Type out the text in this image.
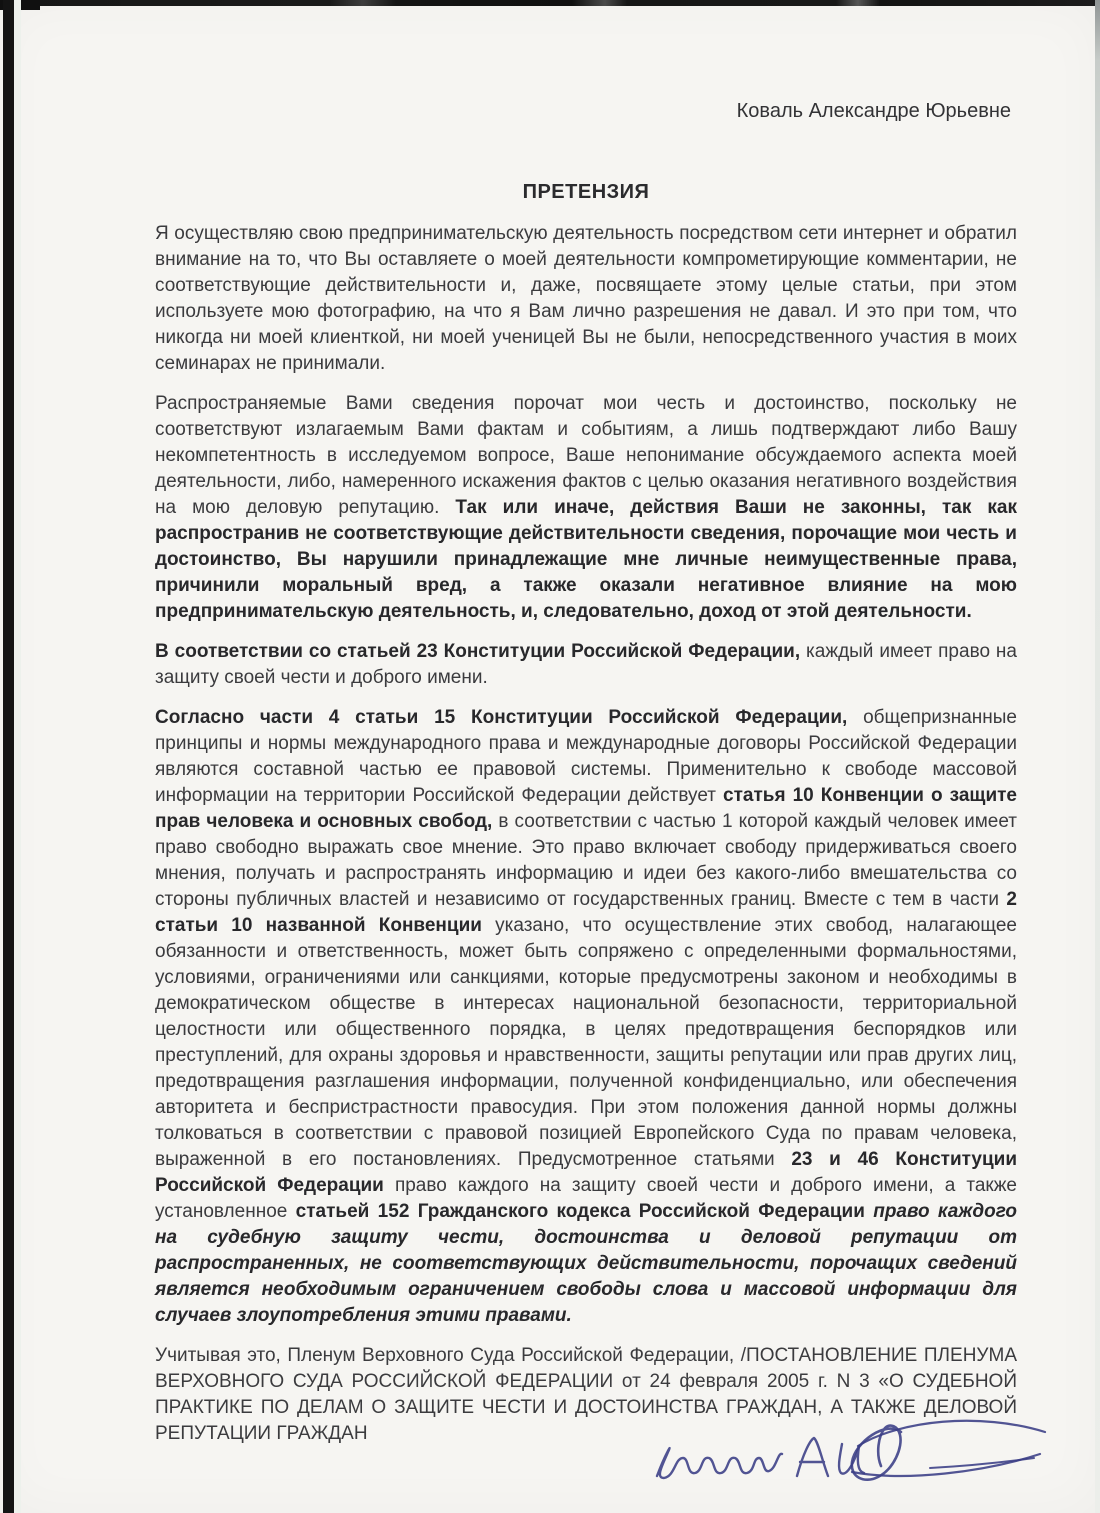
Коваль Александре Юрьевне
ПРЕТЕНЗИЯ

Я осуществляю свою предпринимательскую деятельность посредством сети интернет и обратил внимание на то, что Вы оставляете о моей деятельности компрометирующие комментарии, не соответствующие действительности и, даже, посвящаете этому целые статьи, при этом используете мою фотографию, на что я Вам лично разрешения не давал. И это при том, что никогда ни моей клиенткой, ни моей ученицей Вы не были, непосредственного участия в моих семинарах не принимали.

Распространяемые Вами сведения порочат мои честь и достоинство, поскольку не соответствуют излагаемым Вами фактам и событиям, а лишь подтверждают либо Вашу некомпетентность в исследуемом вопросе, Ваше непонимание обсуждаемого аспекта моей деятельности, либо, намеренного искажения фактов с целью оказания негативного воздействия на мою деловую репутацию. Так или иначе, действия Ваши не законны, так как распространив не соответствующие действительности сведения, порочащие мои честь и достоинство, Вы нарушили принадлежащие мне личные неимущественные права, причинили моральный вред, а также оказали негативное влияние на мою предпринимательскую деятельность, и, следовательно, доход от этой деятельности.

В соответствии со статьей 23 Конституции Российской Федерации, каждый имеет право на защиту своей чести и доброго имени.

Согласно части 4 статьи 15 Конституции Российской Федерации, общепризнанные принципы и нормы международного права и международные договоры Российской Федерации являются составной частью ее правовой системы. Применительно к свободе массовой информации на территории Российской Федерации действует статья 10 Конвенции о защите прав человека и основных свобод, в соответствии с частью 1 которой каждый человек имеет право свободно выражать свое мнение. Это право включает свободу придерживаться своего мнения, получать и распространять информацию и идеи без какого-либо вмешательства со стороны публичных властей и независимо от государственных границ. Вместе с тем в части 2 статьи 10 названной Конвенции указано, что осуществление этих свобод, налагающее обязанности и ответственность, может быть сопряжено с определенными формальностями, условиями, ограничениями или санкциями, которые предусмотрены законом и необходимы в демократическом обществе в интересах национальной безопасности, территориальной целостности или общественного порядка, в целях предотвращения беспорядков или преступлений, для охраны здоровья и нравственности, защиты репутации или прав других лиц, предотвращения разглашения информации, полученной конфиденциально, или обеспечения авторитета и беспристрастности правосудия. При этом положения данной нормы должны толковаться в соответствии с правовой позицией Европейского Суда по правам человека, выраженной в его постановлениях. Предусмотренное статьями 23 и 46 Конституции Российской Федерации право каждого на защиту своей чести и доброго имени, а также установленное статьей 152 Гражданского кодекса Российской Федерации право каждого на судебную защиту чести, достоинства и деловой репутации от распространенных, не соответствующих действительности, порочащих сведений является необходимым ограничением свободы слова и массовой информации для случаев злоупотребления этими правами.

Учитывая это, Пленум Верховного Суда Российской Федерации, /ПОСТАНОВЛЕНИЕ ПЛЕНУМА ВЕРХОВНОГО СУДА РОССИЙСКОЙ ФЕДЕРАЦИИ от 24 февраля 2005 г. N 3 «О СУДЕБНОЙ ПРАКТИКЕ ПО ДЕЛАМ О ЗАЩИТЕ ЧЕСТИ И ДОСТОИНСТВА ГРАЖДАН, А ТАКЖЕ ДЕЛОВОЙ РЕПУТАЦИИ ГРАЖДАН
